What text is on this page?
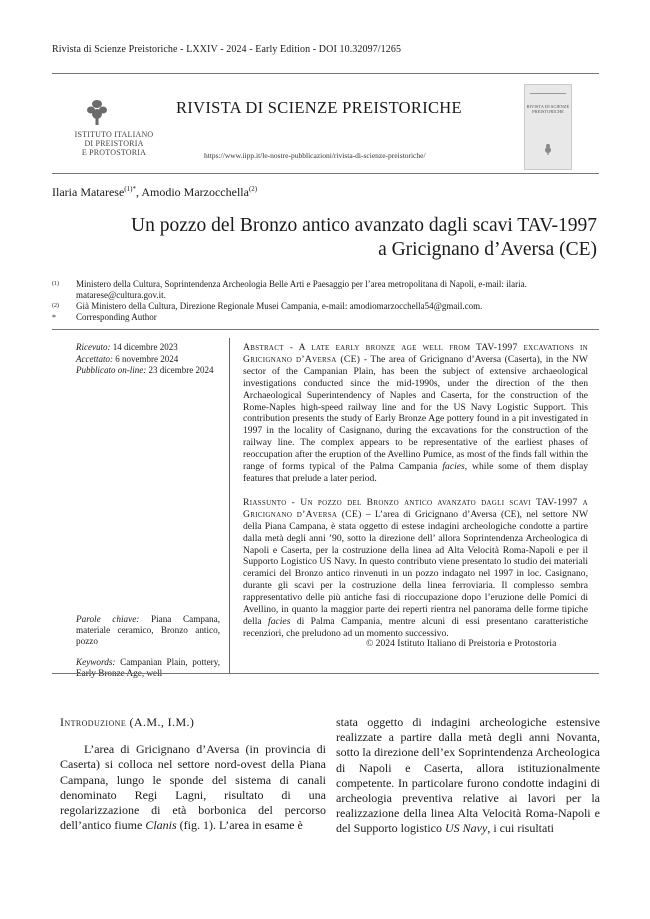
Rivista di Scienze Preistoriche - LXXIV - 2024 - Early Edition - DOI 10.32097/1265
ISTITUTO ITALIANO
DI PREISTORIA
E PROTOSTORIA
RIVISTA DI SCIENZE PREISTORICHE
https://www.iipp.it/le-nostre-pubblicazioni/rivista-di-scienze-preistoriche/
RIVISTA DI SCIENZE PREISTORICHE
Ilaria Matarese$^{(1)*}$, Amodio Marzocchella$^{(2)}$
Un pozzo del Bronzo antico avanzato dagli scavi TAV-1997
a Gricignano d’Aversa (CE)
(1) Ministero della Cultura, Soprintendenza Archeologia Belle Arti e Paesaggio per l’area metropolitana di Napoli, e-mail: ilaria. matarese@cultura.gov.it.
(2) Già Ministero della Cultura, Direzione Regionale Musei Campania, e-mail: amodiomarzocchella54@gmail.com.
* Corresponding Author
Ricevuto: 14 dicembre 2023
Accettato: 6 novembre 2024
Pubblicato on-line: 23 dicembre 2024

Abstract - A late early bronze age well from TAV-1997 excavations in Gricignano d’Aversa (CE) - The area of Gricignano d’Aversa (Caserta), in the NW sector of the Campanian Plain, has been the subject of extensive archaeological investigations conducted since the mid-1990s, under the direction of the then Archaeological Superintendency of Naples and Caserta, for the construction of the Rome-Naples high-speed railway line and for the US Navy Logistic Support. This contribution presents the study of Early Bronze Age pottery found in a pit investigated in 1997 in the locality of Casignano, during the excavations for the construction of the railway line. The complex appears to be representative of the earliest phases of reoccupation after the eruption of the Avellino Pumice, as most of the finds fall within the range of forms typical of the Palma Campania facies, while some of them display features that prelude a later period.

Riassunto - Un pozzo del Bronzo antico avanzato dagli scavi TAV-1997 a Gricignano d’Aversa (CE) – L’area di Gricignano d’Aversa (CE), nel settore NW della Piana Campana, è stata oggetto di estese indagini archeologiche condotte a partire dalla metà degli anni ’90, sotto la direzione dell’ allora Soprintendenza Archeologica di Napoli e Caserta, per la costruzione della linea ad Alta Velocità Roma-Napoli e per il Supporto Logistico US Navy. In questo contributo viene presentato lo studio dei materiali ceramici del Bronzo antico rinvenuti in un pozzo indagato nel 1997 in loc. Casignano, durante gli scavi per la costruzione della linea ferroviaria. Il complesso sembra rappresentativo delle più antiche fasi di rioccupazione dopo l’eruzione delle Pomici di Avellino, in quanto la maggior parte dei reperti rientra nel panorama delle forme tipiche della facies di Palma Campania, mentre alcuni di essi presentano caratteristiche recenziori, che preludono ad un momento successivo.

Parole chiave: Piana Campana, materiale ceramico, Bronzo antico, pozzo

Keywords: Campanian Plain, pottery, Early Bronze Age, well

© 2024 Istituto Italiano di Preistoria e Protostoria
Introduzione (A.M., I.M.)

L’area di Gricignano d’Aversa (in provincia di Caserta) si colloca nel settore nord-ovest della Piana Campana, lungo le sponde del sistema di canali denominato Regi Lagni, risultato di una regolarizzazione di età borbonica del percorso dell’antico fiume Clanis (fig. 1). L’area in esame è

stata oggetto di indagini archeologiche estensive realizzate a partire dalla metà degli anni Novanta, sotto la direzione dell’ex Soprintendenza Archeologica di Napoli e Caserta, allora istituzionalmente competente. In particolare furono condotte indagini di archeologia preventiva relative ai lavori per la realizzazione della linea Alta Velocità Roma-Napoli e del Supporto logistico US Navy, i cui risultati
